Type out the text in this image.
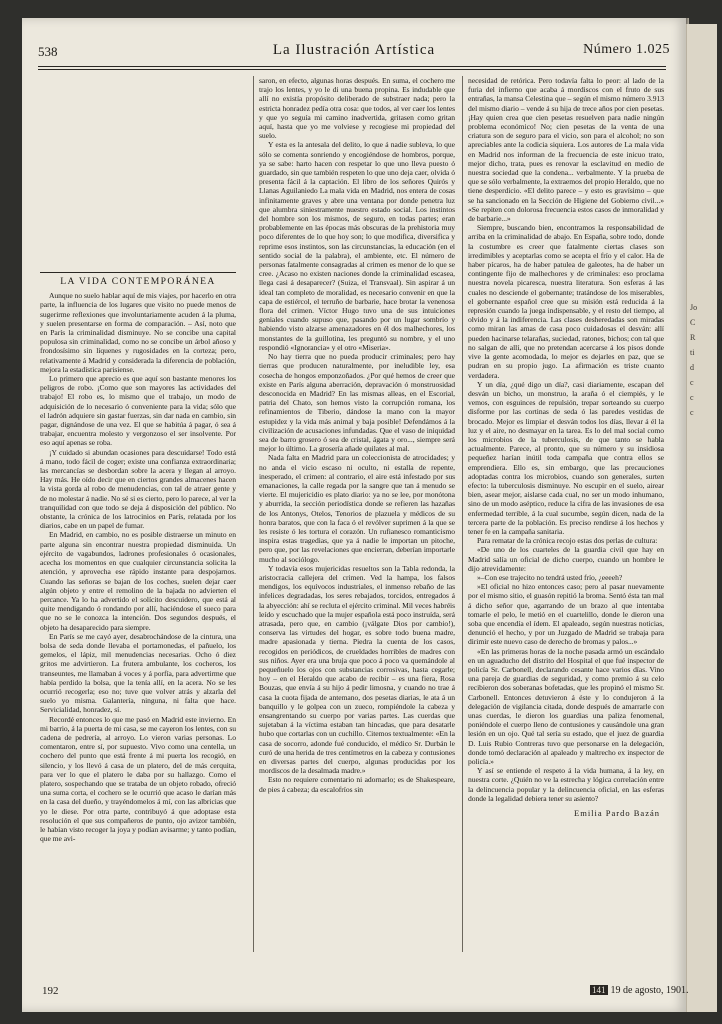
Jo
C
R
ti
d
c
c
c
538	La Ilustración Artística	Número 1.025
LA VIDA CONTEMPORÁNEA

Aunque no suelo hablar aquí de mis viajes, por hacerlo en otra parte, la influencia de los lugares que visito no puede menos de sugerirme reflexiones que involuntariamente acuden á la pluma, y suelen presentarse en forma de comparación. – Así, noto que en París la criminalidad disminuye. No se concibe una capital populosa sin criminalidad, como no se concibe un árbol añoso y frondosísimo sin líquenes y rugosidades en la corteza; pero, relativamente á Madrid y considerada la diferencia de población, mejora la estadística parisiense.

Lo primero que aprecio es que aquí son bastante menores los peligros de robo. ¡Como que son mayores las actividades del trabajo! El robo es, lo mismo que el trabajo, un modo de adquisición de lo necesario ó conveniente para la vida; sólo que el ladrón adquiere sin gastar fuerzas, sin dar nada en cambio, sin pagar, dignándose de una vez. El que se habitúa á pagar, ó sea á trabajar, encuentra molesto y vergonzoso el ser insolvente. Por eso aquí apenas se roba.

¡Y cuidado si abundan ocasiones para descuidarse! Todo está á mano, todo fácil de coger; existe una confianza extraordinaria; las mercancías se desbordan sobre la acera y llegan al arroyo. Hay más. He oído decir que en ciertos grandes almacenes hacen la vista gorda al robo de menudencias, con tal de atraer gente y de no molestar á nadie. No sé si es cierto, pero lo parece, al ver la tranquilidad con que todo se deja á disposición del público. No obstante, la crónica de los latrocinios en París, relatada por los diarios, cabe en un papel de fumar.

En Madrid, en cambio, no es posible distraerse un minuto en parte alguna sin encontrar nuestra propiedad disminuida. Un ejército de vagabundos, ladrones profesionales ó ocasionales, acecha los momentos en que cualquier circunstancia solicita la atención, y aprovecha ese rápido instante para despojarnos. Cuando las señoras se bajan de los coches, suelen dejar caer algún objeto y entre el remolino de la bajada no advierten el percance. Ya lo ha advertido el solícito descuidero, que está al quite mendigando ó rondando por allí, haciéndose el sueco para que no se le conozca la intención. Dos segundos después, el objeto ha desaparecido para siempre.

En París se me cayó ayer, desabrochándose de la cintura, una bolsa de seda donde llevaba el portamonedas, el pañuelo, los gemelos, el lápiz, mil menudencias necesarias. Ocho ó diez gritos me advirtieron. La frutera ambulante, los cocheros, los transeuntes, me llamaban á voces y á porfía, para advertirme que había perdido la bolsa, que la tenía allí, en la acera. No se les ocurrió recogerla; eso no; tuve que volver atrás y alzarla del suelo yo misma. Galantería, ninguna, ni falta que hace. Servicialidad, honradez, sí.

Recordé entonces lo que me pasó en Madrid este invierno. En mi barrio, á la puerta de mi casa, se me cayeron los lentes, con su cadena de pedrería, al arroyo. Lo vieron varias personas. Lo comentaron, entre sí, por supuesto. Vivo como una centella, un cochero del punto que está frente á mi puerta los recogió, en silencio, y los llevó á casa de un platero, del de más cerquita, para ver lo que el platero le daba por su hallazgo. Como el platero, sospechando que se trataba de un objeto robado, ofreció una suma corta, el cochero se le ocurrió que acaso le darían más en la casa del dueño, y trayéndomelos á mí, con las albricias que yo le diese. Por otra parte, contribuyó á que adoptase esta resolución el que sus compañeros de punto, ojo avizor también, le habían visto recoger la joya y podían avisarme; y tanto podían, que me avi-

saron, en efecto, algunas horas después. En suma, el cochero me trajo los lentes, y yo le di una buena propina. Es indudable que allí no existía propósito deliberado de substraer nada; pero la estricta honradez pedía otra cosa: que todos, al ver caer los lentes y que yo seguía mi camino inadvertida, gritasen como gritan aquí, hasta que yo me volviese y recogiese mi propiedad del suelo.

Y esta es la antesala del delito, lo que á nadie subleva, lo que sólo se comenta sonriendo y encogiéndose de hombros, porque, ya se sabe: harto hacen con respetar lo que uno lleva puesto ó guardado, sin que también respeten lo que uno deja caer, olvida ó presenta fácil á la captación. El libro de los señores Quirós y Llanas Aguilaniedo La mala vida en Madrid, nos entera de cosas infinitamente graves y abre una ventana por donde penetra luz que alumbra siniestramente nuestro estado social. Los instintos del hombre son los mismos, de seguro, en todas partes; eran probablemente en las épocas más obscuras de la prehistoria muy poco diferentes de lo que hoy son; lo que modifica, diversifica y reprime esos instintos, son las circunstancias, la educación (en el sentido social de la palabra), el ambiente, etc. El número de personas fatalmente consagradas al crimen es menor de lo que se cree. ¿Acaso no existen naciones donde la criminalidad escasea, llega casi á desaparecer? (Suiza, el Transvaal). Sin aspirar á un ideal tan completo de moralidad, es necesario convenir en que la capa de estiércol, el terruño de barbarie, hace brotar la venenosa flora del crimen. Víctor Hugo tuvo una de sus intuiciones geniales cuando supuso que, pasando por un lugar sombrío y habiendo visto alzarse amenazadores en él dos malhechores, los monstantes de la guillotina, les preguntó su nombre, y el uno respondió «Ignorancia» y el otro «Miseria».

No hay tierra que no pueda producir criminales; pero hay tierras que producen naturalmente, por ineludible ley, esa cosecha de hongos emponzoñados. ¿Por qué hemos de creer que existe en París alguna aberración, depravación ó monstruosidad desconocida en Madrid? En las mismas alleas, en el Escorial, patria del Chato, son hemos visto la corrupción romana, los refinamientos de Tiberio, dándose la mano con la mayor estupidez y la vida más animal y baja posible! Defendámos á la civilización de acusaciones infundadas. Que el vaso de iniquidad sea de barro grosero ó sea de cristal, ágata y oro..., siempre será mejor lo último. La grosería añade quilates al mal.

Nada falta en Madrid para un coleccionista de atrocidades; y no anda el vicio escaso ni oculto, ni estalla de repente, inesperado, el crimen: al contrario, el aire está infestado por sus emanaciones, la calle regada por la sangre que tan á menudo se vierte. El mujericidio es plato diario: ya no se lee, por monótona y aburrida, la sección periodística donde se refieren las hazañas de los Antonys, Otelos, Tenorios de plazuela y médicos de su honra baratos, que con la faca ó el revólver suprimen á la que se les resiste ó les tortura el corazón. Un rufianesco romanticismo inspira estas tragedias, que ya á nadie le importan un pitoche, pero que, por las revelaciones que encierran, deberían importarle mucho al sociólogo.

Y todavía esos mujericidas resueltos son la Tabla redonda, la aristocracia callejera del crimen. Ved la hampa, los falsos mendigos, los equívocos industriales, el inmenso rebaño de las infelices degradadas, los seres rebajados, torcidos, entregados á la abyección: ahí se recluta el ejército criminal. Mil veces habréis leído y escuchado que la mujer española está poco instruída, será atrasada, pero que, en cambio (¡válgate Dios por cambio!), conserva las virtudes del hogar, es sobre todo buena madre, madre apasionada y tierna. Piedra la cuenta de los casos, recogidos en periódicos, de crueldades horribles de madres con sus niños. Ayer era una bruja que poco á poco va quemándole al pequeñuelo los ojos con substancias corrosivas, hasta cegarle; hoy – en el Heraldo que acabo de recibir – es una fiera, Rosa Bouzas, que envía á su hijo á pedir limosna, y cuando no trae á casa la cuota fijada de antemano, dos pesetas diarias, le ata á un banquillo y le golpea con un zueco, rompiéndole la cabeza y ensangrentando su cuerpo por varias partes. Las cuerdas que sujetaban á la víctima estaban tan hincadas, que para desatarle hubo que cortarlas con un cuchillo. Citemos textualmente: «En la casa de socorro, adonde fué conducido, el médico Sr. Durbán le curó de una herida de tres centímetros en la cabeza y contusiones en diversas partes del cuerpo, algunas producidas por los mordiscos de la desalmada madre.»

Esto no requiere comentario ni adornarlo; es de Shakespeare, de pies á cabeza; da escalofríos sin

necesidad de retórica. Pero todavía falta lo peor: al lado de la furia del infierno que acaba á mordiscos con el fruto de sus entrañas, la mansa Celestina que – según el mismo número 3.913 del mismo diario – vende á su hija de trece años por cien pesetas. ¡Hay quien crea que cien pesetas resuelven para nadie ningún problema económico! No; cien pesetas de la venta de una criatura son de seguro para el vicio, son para el alcohol; no son apreciables ante la codicia siquiera. Los autores de La mala vida en Madrid nos informan de la frecuencia de este inicuo trato, mejor dicho, trata, pues es renovar la esclavitud en medio de nuestra sociedad que la condena... verbalmente. Y la prueba de que se sólo verbalmente, la extraemos del propio Heraldo, que no tiene desperdicio. «El delito parece – y esto es gravísimo – que se ha sancionado en la Sección de Higiene del Gobierno civil...» «Se repiten con dolorosa frecuencia estos casos de inmoralidad y de barbarie...»

Siempre, buscando bien, encontramos la responsabilidad de arriba en la criminalidad de abajo. En España, sobre todo, donde la costumbre es creer que fatalmente ciertas clases son irredimibles y aceptarlas como se acepta el frío y el calor. Ha de haber pícaros, ha de haber patulea de galeotes, ha de haber un contingente fijo de malhechores y de criminales: eso proclama nuestra novela picaresca, nuestra literatura. Son esferas á las cuales no desciende el gobernante; tratándose de los miserables, el gobernante español cree que su misión está reducida á la represión cuando la juega indispensable, y el resto del tiempo, al olvido y á la indiferencia. Las clases desheredadas son miradas como miran las amas de casa poco cuidadosas el desván: allí pueden hacinarse telarañas, suciedad, ratones, bichos; con tal que no salgan de allí, que no pretendan acercarse á los pisos donde vive la gente acomodada, lo mejor es dejarles en paz, que se pudran en su propio jugo. La afirmación es triste cuanto verdadera.

Y un día, ¿qué digo un día?, casi diariamente, escapan del desván un bicho, un monstruo, la araña ó el ciempiés, y le vemos, con esguinces de repulsión, trepar sorteando su cuerpo disforme por las cortinas de seda ó las paredes vestidas de brocado. Mejor es limpiar el desván todos los días, llevar á él la luz y el aire, no desmayar en la tarea. Es lo del mal social como los microbios de la tuberculosis, de que tanto se habla actualmente. Parece, al pronto, que su número y su insidiosa pequeñez harían inútil toda campaña que contra ellos se emprendiera. Ello es, sin embargo, que las precauciones adoptadas contra los microbios, cuando son generales, surten efecto: la tuberculosis disminuye. No escupir en el suelo, airear bien, asear mejor, aislarse cada cual, no ser un modo inhumano, sino de un modo aséptico, reduce la cifra de las invasiones de esa enfermedad terrible, á la cual sucumbe, según dicen, nada de la tercera parte de la población. Es preciso rendirse á los hechos y tener fe en la campaña sanitaria.

Para rematar de la crónica recojo estas dos perlas de cultura:

«De uno de los cuarteles de la guardia civil que hay en Madrid salía un oficial de dicho cuerpo, cuando un hombre le dijo atrevidamente:

»–Con ese trajecito no tendrá usted frío, ¿eeeeh?

»El oficial no hizo entonces caso; pero al pasar nuevamente por el mismo sitio, el guasón repitió la broma. Sentó ésta tan mal á dicho señor que, agarrando de un brazo al que intentaba tomarle el pelo, le metió en el cuartelillo, donde le dieron una soba que encendía el ídem. El apaleado, según nuestras noticias, denunció el hecho, y por un Juzgado de Madrid se trabaja para dirimir este nuevo caso de derecho de bromas y palos...»

«En las primeras horas de la noche pasada armó un escándalo en un aguaducho del distrito del Hospital el que fué inspector de policía Sr. Carbonell, declarando cesante hace varios días. Vino una pareja de guardias de seguridad, y como premio á su celo recibieron dos soberanas bofetadas, que les propinó el mismo Sr. Carbonell. Entonces detuvieron á éste y lo condujeron á la delegación de vigilancia citada, donde después de amarrarle con unas cuerdas, le dieron los guardias una paliza fenomenal, poniéndole el cuerpo lleno de contusiones y causándole una gran lesión en un ojo. Qué tal sería su estado, que el juez de guardia D. Luis Rubio Contreras tuvo que personarse en la delegación, donde tomó declaración al apaleado y maltrecho ex inspector de policía.»

Y así se entiende el respeto á la vida humana, á la ley, en nuestra corte. ¿Quién no ve la estrecha y lógica correlación entre la delincuencia popular y la delincuencia oficial, en las esferas donde la legalidad debiera tener su asiento?

Emilia Pardo Bazán
192	141 19 de agosto, 1901.
